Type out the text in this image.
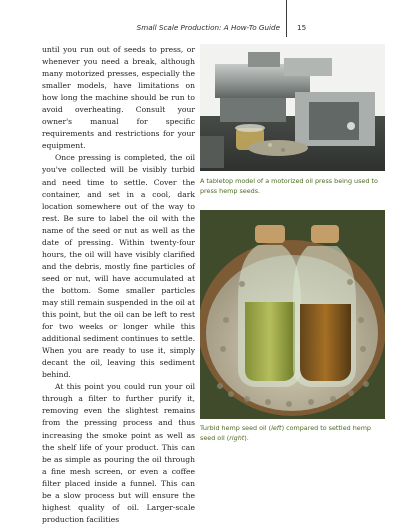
Small Scale Production: A How-To Guide 15

until you run out of seeds to press, or whenever you need a break, although many motorized presses, especially the smaller models, have limitations on how long the machine should be run to avoid overheating. Consult your owner's manual for specific requirements and restrictions for your equipment.

Once pressing is completed, the oil you've collected will be visibly turbid and need time to settle. Cover the container, and set in a cool, dark location somewhere out of the way to rest. Be sure to label the oil with the name of the seed or nut as well as the date of pressing. Within twenty-four hours, the oil will have visibly clarified and the debris, mostly fine particles of seed or nut, will have accumulated at the bottom. Some smaller particles may still remain suspended in the oil at this point, but the oil can be left to rest for two weeks or longer while this additional sediment continues to settle. When you are ready to use it, simply decant the oil, leaving this sediment behind.

At this point you could run your oil through a filter to further purify it, removing even the slightest remains from the pressing process and thus increasing the smoke point as well as the shelf life of your product. This can be as simple as pouring the oil through a fine mesh screen, or even a coffee filter placed inside a funnel. This can be a slow process but will ensure the highest quality of oil. Larger-scale production facilities

A tabletop model of a motorized oil press being used to press hemp seeds.
Turbid hemp seed oil (left) compared to settled hemp seed oil (right).
